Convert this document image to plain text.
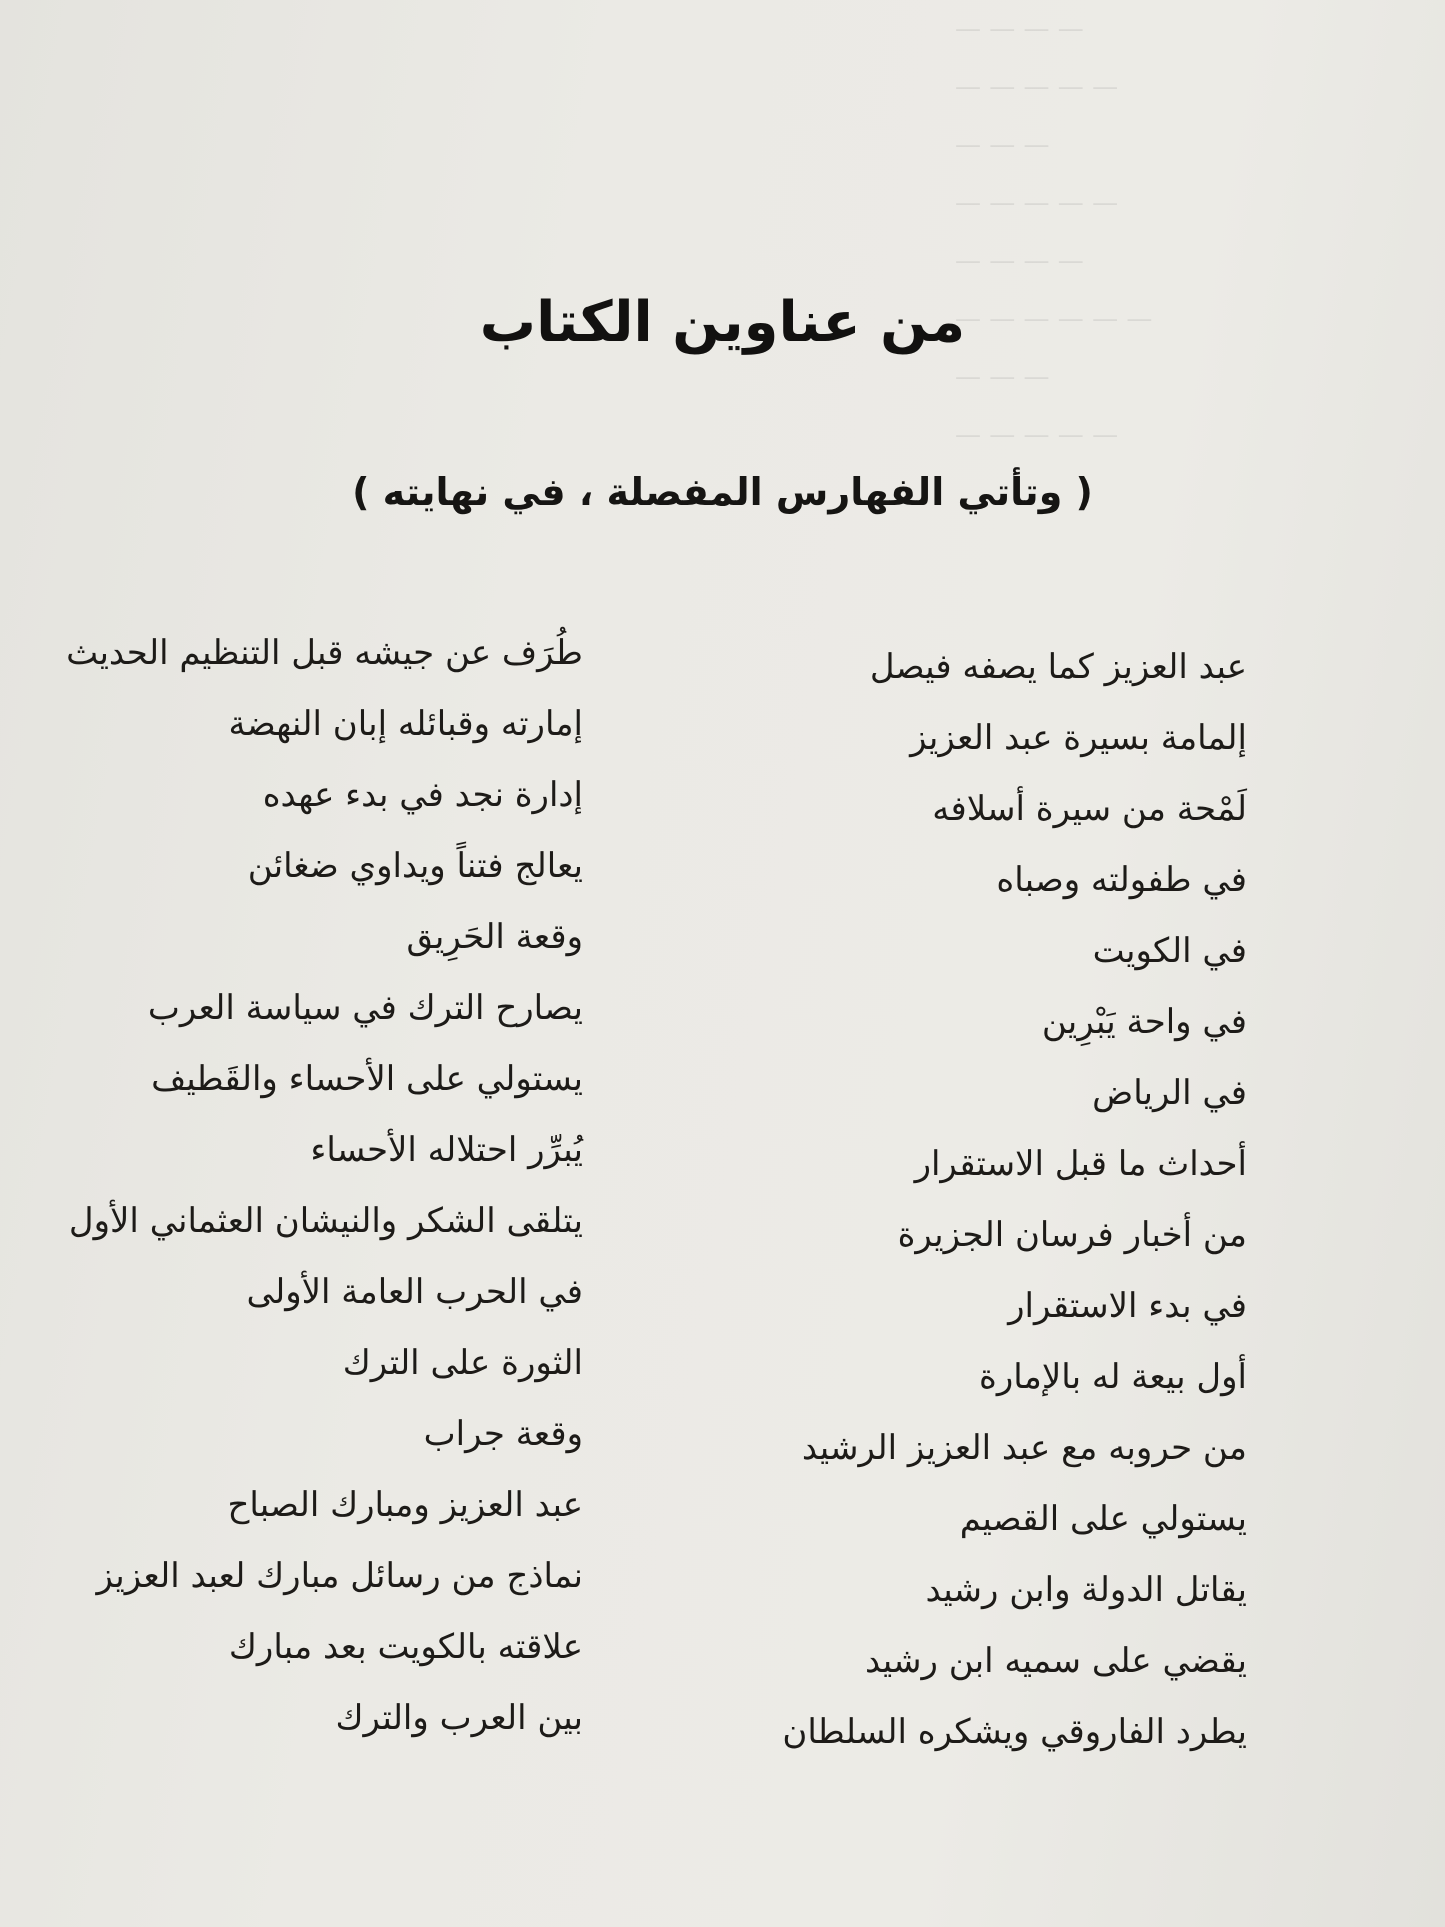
— — — —
— — — — —
— — —
— — — — —
— — — —
— — — — — —
— — —
— — — — —
من عناوين الكتاب
( وتأتي الفهارس المفصلة ، في نهايته )
عبد العزيز كما يصفه فيصل
إلمامة بسيرة عبد العزيز
لَمْحة من سيرة أسلافه
في طفولته وصباه
في الكويت
في واحة يَبْرِين
في الرياض
أحداث ما قبل الاستقرار
من أخبار فرسان الجزيرة
في بدء الاستقرار
أول بيعة له بالإمارة
من حروبه مع عبد العزيز الرشيد
يستولي على القصيم
يقاتل الدولة وابن رشيد
يقضي على سميه ابن رشيد
يطرد الفاروقي ويشكره السلطان
طُرَف عن جيشه قبل التنظيم الحديث
إمارته وقبائله إبان النهضة
إدارة نجد في بدء عهده
يعالج فتناً ويداوي ضغائن
وقعة الحَرِيق
يصارح الترك في سياسة العرب
يستولي على الأحساء والقَطيف
يُبرِّر احتلاله الأحساء
يتلقى الشكر والنيشان العثماني الأول
في الحرب العامة الأولى
الثورة على الترك
وقعة جراب
عبد العزيز ومبارك الصباح
نماذج من رسائل مبارك لعبد العزيز
علاقته بالكويت بعد مبارك
بين العرب والترك
